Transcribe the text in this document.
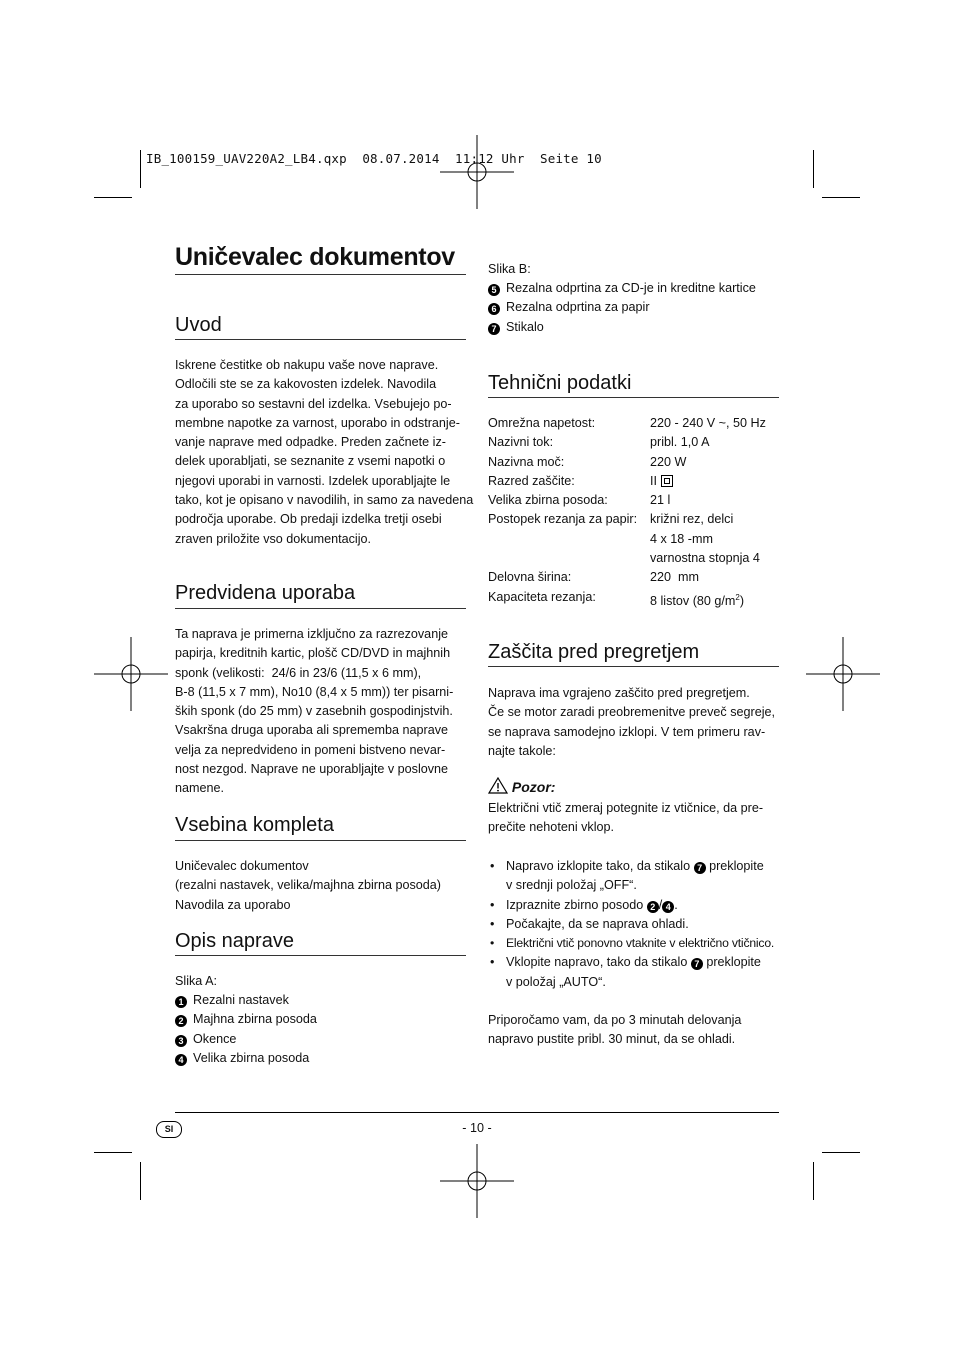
IB_100159_UAV220A2_LB4.qxp  08.07.2014  11:12 Uhr  Seite 10
Uničevalec dokumentov
Uvod
Iskrene čestitke ob nakupu vaše nove naprave.
Odločili ste se za kakovosten izdelek. Navodila
za uporabo so sestavni del izdelka. Vsebujejo po-
membne napotke za varnost, uporabo in odstranje-
vanje naprave med odpadke. Preden začnete iz-
delek uporabljati, se seznanite z vsemi napotki o
njegovi uporabi in varnosti. Izdelek uporabljajte le
tako, kot je opisano v navodilih, in samo za navedena
področja uporabe. Ob predaji izdelka tretji osebi
zraven priložite vso dokumentacijo.
Predvidena uporaba
Ta naprava je primerna izključno za razrezovanje
papirja, kreditnih kartic, plošč CD/DVD in majhnih
sponk (velikosti:  24/6 in 23/6 (11,5 x 6 mm),
B-8 (11,5 x 7 mm), No10 (8,4 x 5 mm)) ter pisarni-
ških sponk (do 25 mm) v zasebnih gospodinjstvih.
Vsakršna druga uporaba ali sprememba naprave
velja za nepredvideno in pomeni bistveno nevar-
nost nezgod. Naprave ne uporabljajte v poslovne
namene.
Vsebina kompleta
Uničevalec dokumentov
(rezalni nastavek, velika/majhna zbirna posoda)
Navodila za uporabo
Opis naprave
Slika A:
1 Rezalni nastavek
2 Majhna zbirna posoda
3 Okence
4 Velika zbirna posoda
Slika B:
5 Rezalna odprtina za CD-je in kreditne kartice
6 Rezalna odprtina za papir
7 Stikalo
Tehnični podatki
Omrežna napetost:	220 - 240 V ~, 50 Hz
Nazivni tok:	pribl. 1,0 A
Nazivna moč:	220 W
Razred zaščite:	II
Velika zbirna posoda:	21 l
Postopek rezanja za papir:	križni rez, delci
	4 x 18 -mm
	varnostna stopnja 4
Delovna širina:	220  mm
Kapaciteta rezanja:	8 listov (80 $g/m^2$)
Zaščita pred pregretjem
Naprava ima vgrajeno zaščito pred pregretjem.
Če se motor zaradi preobremenitve preveč segreje,
se naprava samodejno izklopi. V tem primeru rav-
najte takole:
Pozor:
Električni vtič zmeraj potegnite iz vtičnice, da pre-
prečite nehoteni vklop.
• Napravo izklopite tako, da stikalo 7 preklopite
v srednji položaj „OFF“.
• Izpraznite zbirno posodo 2 / 4 .
• Počakajte, da se naprava ohladi.
• Električni vtič ponovno vtaknite v električno vtičnico.
• Vklopite napravo, tako da stikalo 7 preklopite
v položaj „AUTO“.
Priporočamo vam, da po 3 minutah delovanja
napravo pustite pribl. 30 minut, da se ohladi.
SI	- 10 -
